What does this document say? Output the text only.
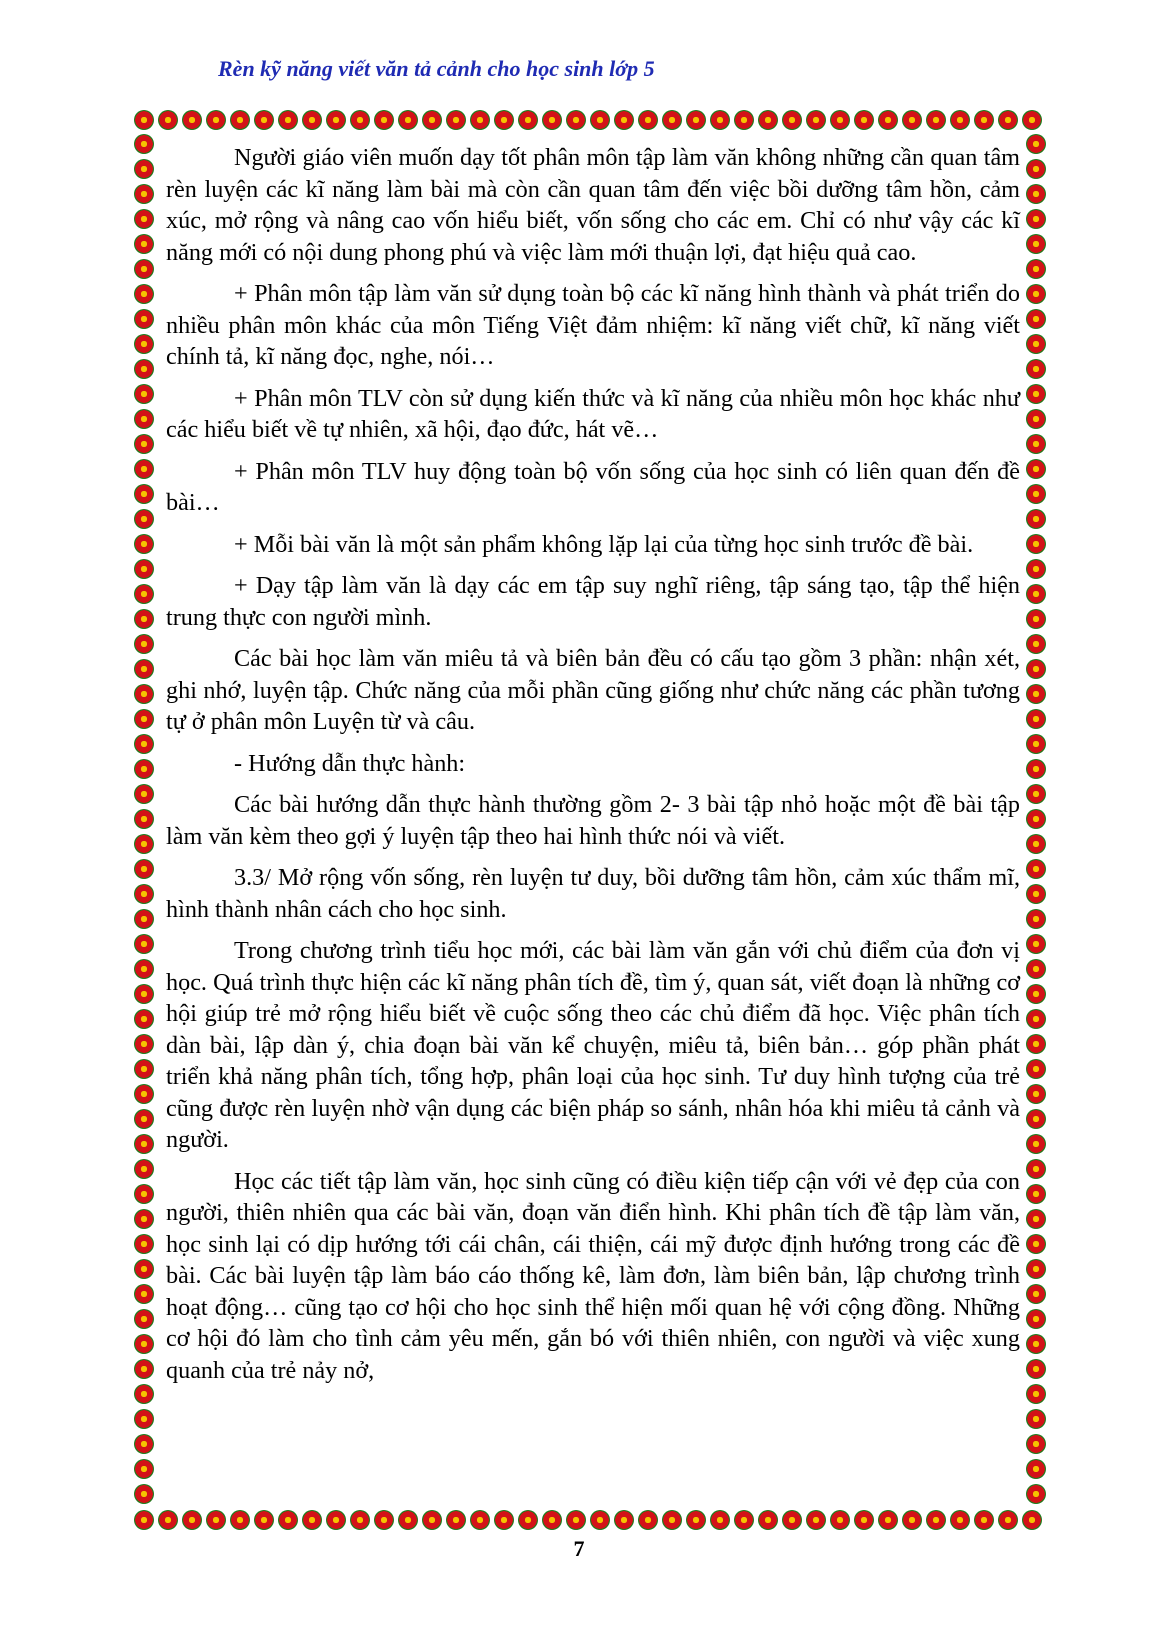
Rèn kỹ năng viết văn tả cảnh cho học sinh lớp 5

Người giáo viên muốn dạy tốt phân môn tập làm văn không những cần quan tâm rèn luyện các kĩ năng làm bài mà còn cần quan tâm đến việc bồi dưỡng tâm hồn, cảm xúc, mở rộng và nâng cao vốn hiểu biết, vốn sống cho các em. Chỉ có như vậy các kĩ năng mới có nội dung phong phú và việc làm mới thuận lợi, đạt hiệu quả cao.

+ Phân môn tập làm văn sử dụng toàn bộ các kĩ năng hình thành và phát triển do nhiều phân môn khác của môn Tiếng Việt đảm nhiệm: kĩ năng viết chữ, kĩ năng viết chính tả, kĩ năng đọc, nghe, nói…

+ Phân môn TLV còn sử dụng kiến thức và kĩ năng của nhiều môn học khác như các hiểu biết về tự nhiên, xã hội, đạo đức, hát vẽ…

+ Phân môn TLV huy động toàn bộ vốn sống của học sinh có liên quan đến đề bài…

+ Mỗi bài văn là một sản phẩm không lặp lại của từng học sinh trước đề bài.

+ Dạy tập làm văn là dạy các em tập suy nghĩ riêng, tập sáng tạo, tập thể hiện trung thực con người mình.

Các bài học làm văn miêu tả và biên bản đều có cấu tạo gồm 3 phần: nhận xét, ghi nhớ, luyện tập. Chức năng của mỗi phần cũng giống như chức năng các phần tương tự ở phân môn Luyện từ và câu.

- Hướng dẫn thực hành:

Các bài hướng dẫn thực hành thường gồm 2- 3 bài tập nhỏ hoặc một đề bài tập làm văn kèm theo gợi ý luyện tập theo hai hình thức nói và viết.

3.3/ Mở rộng vốn sống, rèn luyện tư duy, bồi dưỡng tâm hồn, cảm xúc thẩm mĩ, hình thành nhân cách cho học sinh.

Trong chương trình tiểu học mới, các bài làm văn gắn với chủ điểm của đơn vị học. Quá trình thực hiện các kĩ năng phân tích đề, tìm ý, quan sát, viết đoạn là những cơ hội giúp trẻ mở rộng hiểu biết về cuộc sống theo các chủ điểm đã học. Việc phân tích dàn bài, lập dàn ý, chia đoạn bài văn kể chuyện, miêu tả, biên bản… góp phần phát triển khả năng phân tích, tổng hợp, phân loại của học sinh. Tư duy hình tượng của trẻ cũng được rèn luyện nhờ vận dụng các biện pháp so sánh, nhân hóa khi miêu tả cảnh và người.

Học các tiết tập làm văn, học sinh cũng có điều kiện tiếp cận với vẻ đẹp của con người, thiên nhiên qua các bài văn, đoạn văn điển hình. Khi phân tích đề tập làm văn, học sinh lại có dịp hướng tới cái chân, cái thiện, cái mỹ được định hướng trong các đề bài. Các bài luyện tập làm báo cáo thống kê, làm đơn, làm biên bản, lập chương trình hoạt động… cũng tạo cơ hội cho học sinh thể hiện mối quan hệ với cộng đồng. Những cơ hội đó làm cho tình cảm yêu mến, gắn bó với thiên nhiên, con người và việc xung quanh của trẻ nảy nở,

7
